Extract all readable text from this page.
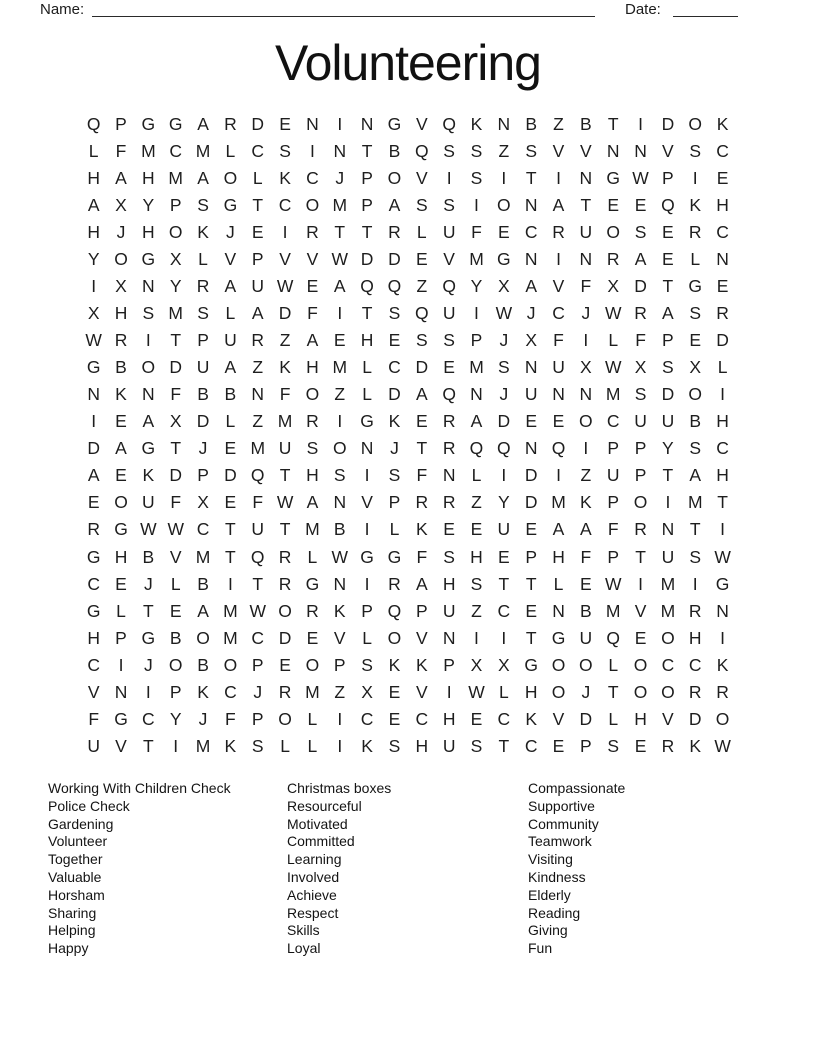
Name:	Date:
Volunteering
Q P G G A R D E N	I	N G V Q K N B Z B T	I	D O K
L F M C M L C S	I	N T B Q S S Z S V V N N V S C
H A H M A O L K C J P O V	I	S	I	T	I	N G W P	I	E
A X Y P S G T C O M P A S S	I	O N A T E E Q K H
H J H O K J E	I	R T T R L U F E C R U O S E R C
Y O G X L V P V V W D D E V M G N	I	N R A E L N
I	X N Y R A U W E A Q Q Z Q Y X A V F X D T G E
X H S M S L A D F	I	T S Q U	I W J C J W R A S R
W R	I	T P U R Z A E H E S S P J X F	I	L F P E D
G B O D U A Z K H M L C D E M S N U X W X S X L
N K N F B B N F O Z L D A Q N J U N N M S D O	I
I	E A X D L Z M R	I	G K E R A D E E O C U U B H
D A G T	J E M U S O N J	T R Q Q N Q	I	P P Y S C
A E K D P D Q T H S	I	S F N L	I	D	I	Z U P T A H
E O U F X E F W A N V P R R Z Y D M K P O	I	M T
R G W W C T U T M B	I	L K E E U E A A F R N T	I
G H B V M T Q R L W G G F S H E P H F P T U S W
C E J	L B	I	T R G N	I	R A H S T T L E W I	M	I	G
G L T E A M W O R K P Q P U Z C E N B M V M R N
H P G B O M C D E V L O V N	I	I	T G U Q E O H	I
C	I	J O B O P E O P S K K P X X G O O L O C C K
V N	I	P K C J R M Z X E V	I W L H O J	T O O R R
F G C Y J	F P O L	I	C E C H E C K V D L H V D O
U V T	I	M K S L	L	I	K S H U S T C E P S E R K W
Working With Children Check
Police Check
Gardening
Volunteer
Together
Valuable
Horsham
Sharing
Helping
Happy
Christmas boxes
Resourceful
Motivated
Committed
Learning
Involved
Achieve
Respect
Skills
Loyal
Compassionate
Supportive
Community
Teamwork
Visiting
Kindness
Elderly
Reading
Giving
Fun
